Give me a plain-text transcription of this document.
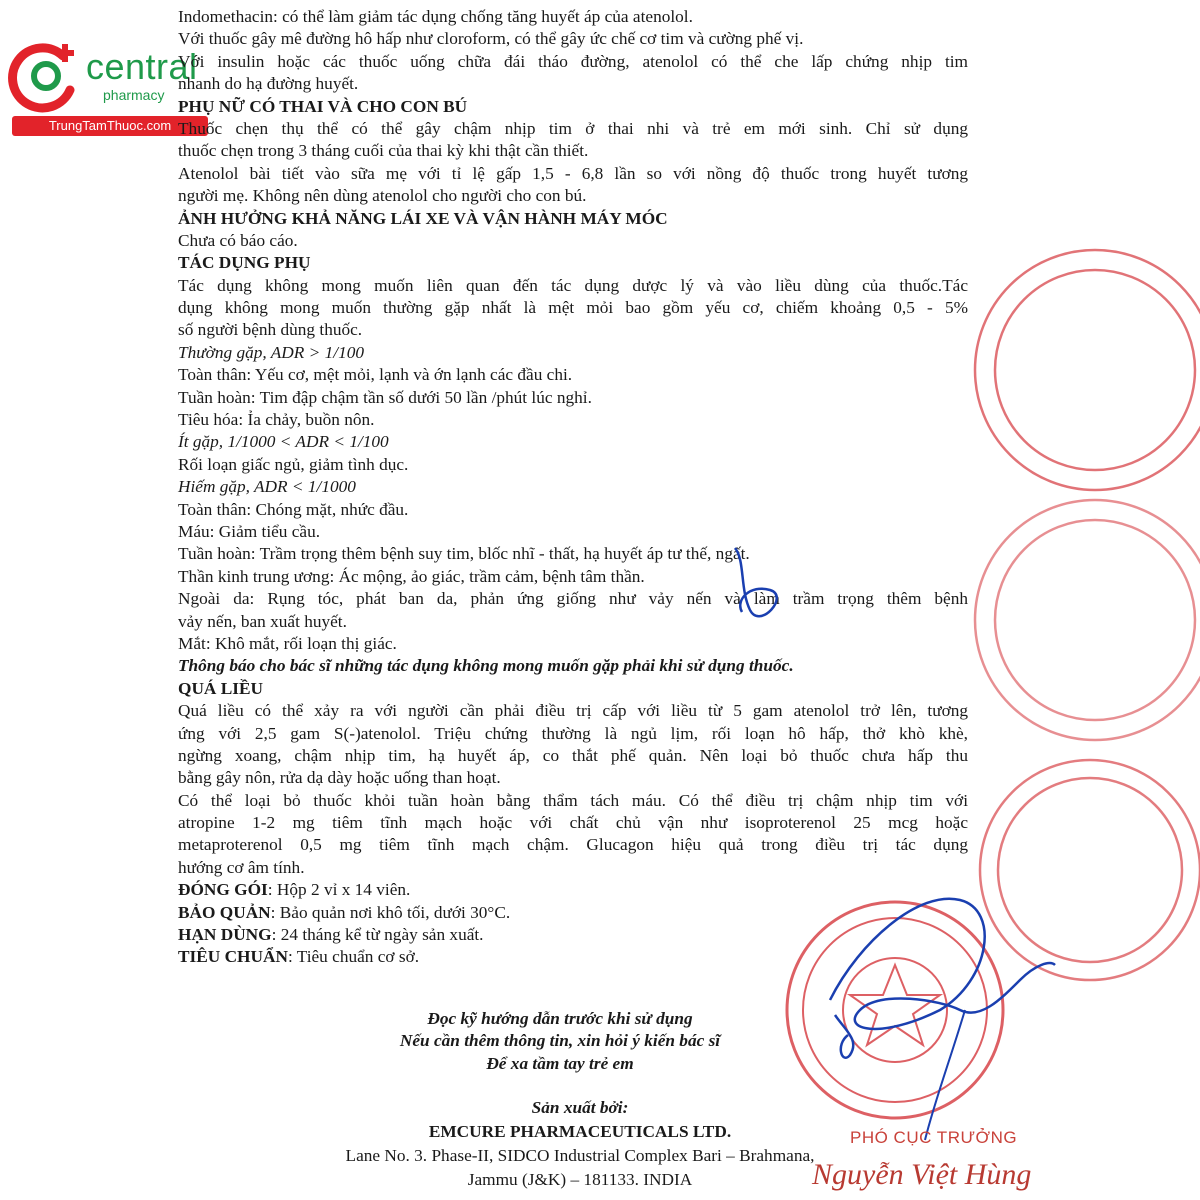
central
pharmacy
TrungTamThuoc.com
Indomethacin: có thể làm giảm tác dụng chống tăng huyết áp của atenolol.
Với thuốc gây mê đường hô hấp như cloroform, có thể gây ức chế cơ tim và cường phế vị.
Với insulin hoặc các thuốc uống chữa đái tháo đường, atenolol có thể che lấp chứng nhịp tim
nhanh do hạ đường huyết.
PHỤ NỮ CÓ THAI VÀ CHO CON BÚ
Thuốc chẹn thụ thể có thể gây chậm nhịp tim ở thai nhi và trẻ em mới sinh. Chỉ sử dụng
thuốc chẹn trong 3 tháng cuối của thai kỳ khi thật cần thiết.
Atenolol bài tiết vào sữa mẹ với tỉ lệ gấp 1,5 - 6,8 lần so với nồng độ thuốc trong huyết tương
người mẹ. Không nên dùng atenolol cho người cho con bú.
ẢNH HƯỞNG KHẢ NĂNG LÁI XE VÀ VẬN HÀNH MÁY MÓC
Chưa có báo cáo.
TÁC DỤNG PHỤ
Tác dụng không mong muốn liên quan đến tác dụng dược lý và vào liều dùng của thuốc.Tác
dụng không mong muốn thường gặp nhất là mệt mỏi bao gồm yếu cơ, chiếm khoảng 0,5 - 5%
số người bệnh dùng thuốc.
Thường gặp, ADR > 1/100
Toàn thân: Yếu cơ, mệt mỏi, lạnh và ớn lạnh các đầu chi.
Tuần hoàn: Tim đập chậm tần số dưới 50 lần /phút lúc nghỉ.
Tiêu hóa: Ỉa chảy, buồn nôn.
Ít gặp, 1/1000 < ADR < 1/100
Rối loạn giấc ngủ, giảm tình dục.
Hiếm gặp, ADR < 1/1000
Toàn thân: Chóng mặt, nhức đầu.
Máu: Giảm tiểu cầu.
Tuần hoàn: Trầm trọng thêm bệnh suy tim, blốc nhĩ - thất, hạ huyết áp tư thế, ngất.
Thần kinh trung ương: Ác mộng, ảo giác, trầm cảm, bệnh tâm thần.
Ngoài da: Rụng tóc, phát ban da, phản ứng giống như vảy nến và làm trầm trọng thêm bệnh
vảy nến, ban xuất huyết.
Mắt: Khô mắt, rối loạn thị giác.
Thông báo cho bác sĩ những tác dụng không mong muốn gặp phải khi sử dụng thuốc.
QUÁ LIỀU
Quá liều có thể xảy ra với người cần phải điều trị cấp với liều từ 5 gam atenolol trở lên, tương
ứng với 2,5 gam S(-)atenolol. Triệu chứng thường là ngủ lịm, rối loạn hô hấp, thở khò khè,
ngừng xoang, chậm nhịp tim, hạ huyết áp, co thắt phế quản. Nên loại bỏ thuốc chưa hấp thu
bằng gây nôn, rửa dạ dày hoặc uống than hoạt.
Có thể loại bỏ thuốc khỏi tuần hoàn bằng thẩm tách máu. Có thể điều trị chậm nhịp tim với
atropine 1-2 mg tiêm tĩnh mạch hoặc với chất chủ vận như isoproterenol 25 mcg hoặc
metaproterenol 0,5 mg tiêm tĩnh mạch chậm. Glucagon hiệu quả trong điều trị tác dụng
hướng cơ âm tính.
ĐÓNG GÓI: Hộp 2 vỉ x 14 viên.
BẢO QUẢN: Bảo quản nơi khô tối, dưới 30°C.
HẠN DÙNG: 24 tháng kể từ ngày sản xuất.
TIÊU CHUẨN: Tiêu chuẩn cơ sở.
Đọc kỹ hướng dẫn trước khi sử dụng
Nếu cần thêm thông tin, xin hỏi ý kiến bác sĩ
Để xa tầm tay trẻ em
Sản xuất bởi:
EMCURE PHARMACEUTICALS LTD.
Lane No. 3. Phase-II, SIDCO Industrial Complex Bari – Brahmana,
Jammu (J&K) – 181133. INDIA
PHÓ CỤC TRƯỞNG
Nguyễn Việt Hùng
